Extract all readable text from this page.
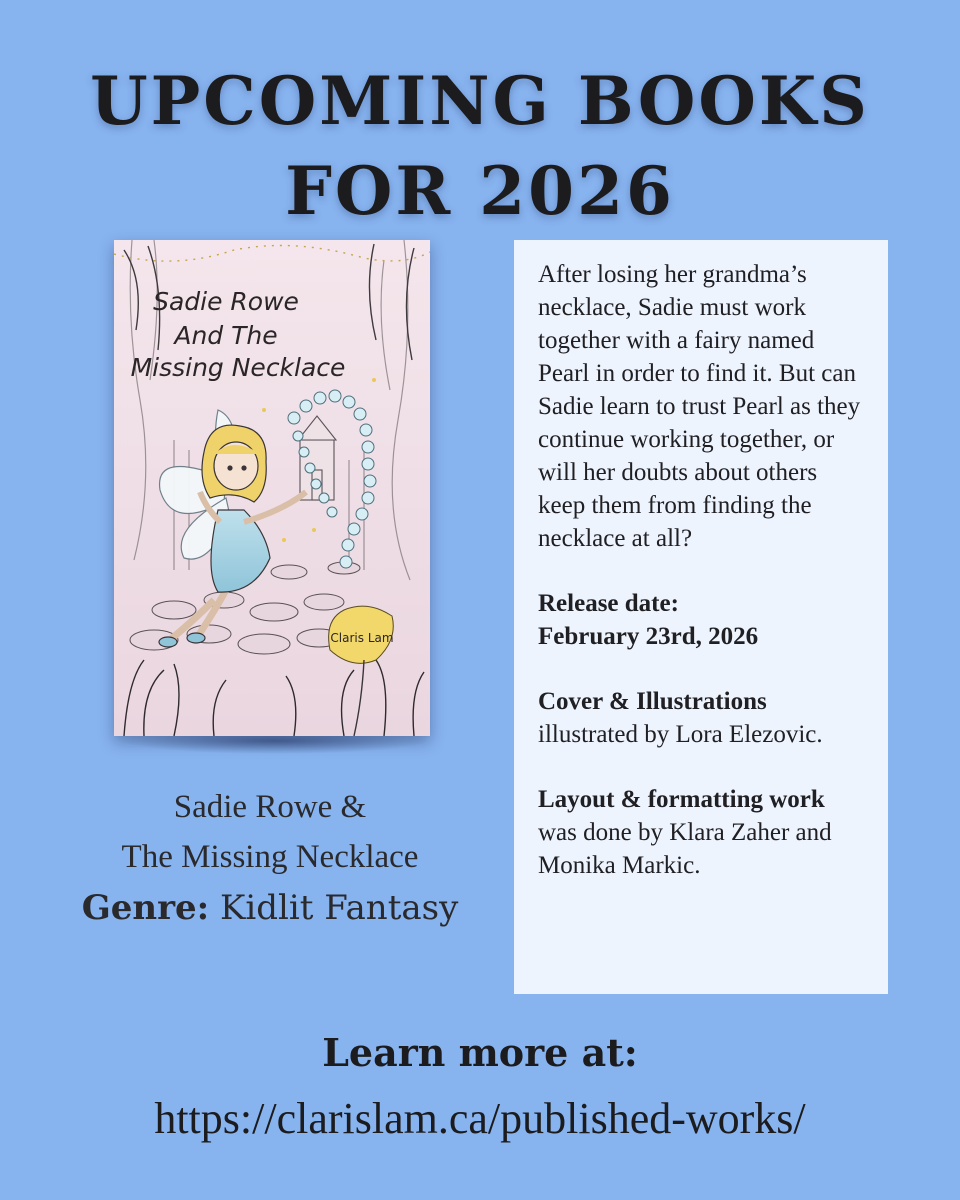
UPCOMING BOOKS
FOR 2026
Sadie Rowe
And The
Missing Necklace
Claris Lam
Sadie Rowe &
The Missing Necklace
Genre: Kidlit Fantasy

After losing her grandma’s necklace, Sadie must work together with a fairy named Pearl in order to find it. But can Sadie learn to trust Pearl as they continue working together, or will her doubts about others keep them from finding the necklace at all?

Release date:
February 23rd, 2026

Cover & Illustrations
illustrated by Lora Elezovic.

Layout & formatting work was done by Klara Zaher and Monika Markic.

Learn more at:
https://clarislam.ca/published-works/
